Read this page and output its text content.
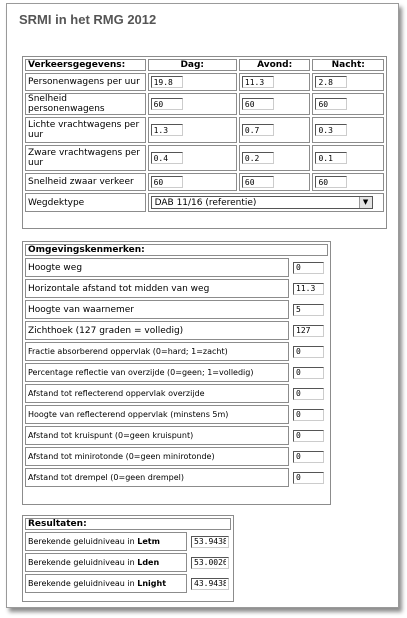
SRMI in het RMG 2012
Verkeersgegevens:	Dag:	Avond:	Nacht:
Personenwagens per uur	19.8	11.3	2.8
Snelheid personenwagens	60	60	60
Lichte vrachtwagens per uur	1.3	0.7	0.3
Zware vrachtwagens per uur	0.4	0.2	0.1
Snelheid zwaar verkeer	60	60	60
Wegdektype	DAB 11/16 (referentie) ▼		
Omgevingskenmerken:	
Hoogte weg	0
Horizontale afstand tot midden van weg	11.3
Hoogte van waarnemer	5
Zichthoek (127 graden = volledig)	127
Fractie absorberend oppervlak (0=hard; 1=zacht)	0
Percentage reflectie van overzijde (0=geen; 1=volledig)	0
Afstand tot reflecterend oppervlak overzijde	0
Hoogte van reflecterend oppervlak (minstens 5m)	0
Afstand tot kruispunt (0=geen kruispunt)	0
Afstand tot minirotonde (0=geen minirotonde)	0
Afstand tot drempel (0=geen drempel)	0
Resultaten:	
Berekende geluidniveau in Letm	53.9438
Berekende geluidniveau in Lden	53.0026
Berekende geluidniveau in Lnight	43.9438
